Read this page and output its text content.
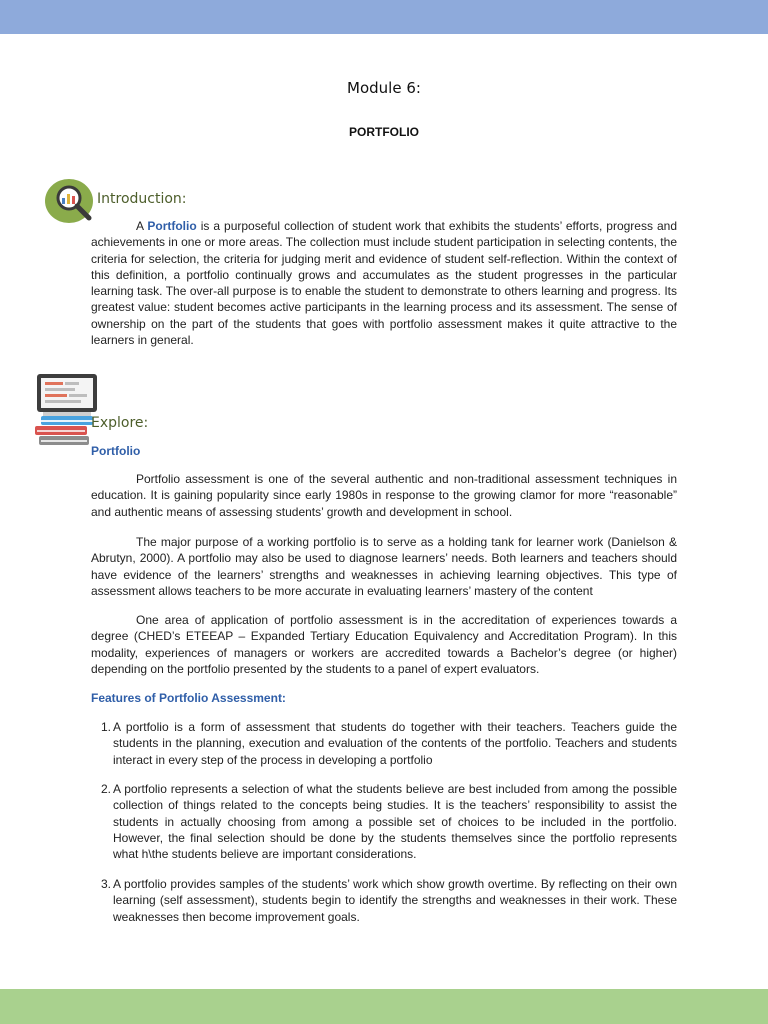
Module 6:
PORTFOLIO
Introduction:

A Portfolio is a purposeful collection of student work that exhibits the students’ efforts, progress and achievements in one or more areas. The collection must include student participation in selecting contents, the criteria for selection, the criteria for judging merit and evidence of student self-reflection. Within the context of this definition, a portfolio continually grows and accumulates as the student progresses in the particular learning task. The over-all purpose is to enable the student to demonstrate to others learning and progress. Its greatest value: student becomes active participants in the learning process and its assessment. The sense of ownership on the part of the students that goes with portfolio assessment makes it quite attractive to the learners in general.

Explore:
Portfolio

Portfolio assessment is one of the several authentic and non-traditional assessment techniques in education. It is gaining popularity since early 1980s in response to the growing clamor for more “reasonable” and authentic means of assessing students’ growth and development in school.

The major purpose of a working portfolio is to serve as a holding tank for learner work (Danielson & Abrutyn, 2000). A portfolio may also be used to diagnose learners’ needs. Both learners and teachers should have evidence of the learners’ strengths and weaknesses in achieving learning objectives. This type of assessment allows teachers to be more accurate in evaluating learners’ mastery of the content

One area of application of portfolio assessment is in the accreditation of experiences towards a degree (CHED’s ETEEAP – Expanded Tertiary Education Equivalency and Accreditation Program). In this modality, experiences of managers or workers are accredited towards a Bachelor’s degree (or higher) depending on the portfolio presented by the students to a panel of expert evaluators.

Features of Portfolio Assessment:
1. A portfolio is a form of assessment that students do together with their teachers. Teachers guide the students in the planning, execution and evaluation of the contents of the portfolio. Teachers and students interact in every step of the process in developing a portfolio
2. A portfolio represents a selection of what the students believe are best included from among the possible collection of things related to the concepts being studies. It is the teachers’ responsibility to assist the students in actually choosing from among a possible set of choices to be included in the portfolio. However, the final selection should be done by the students themselves since the portfolio represents what h\the students believe are important considerations.
3. A portfolio provides samples of the students’ work which show growth overtime. By reflecting on their own learning (self assessment), students begin to identify the strengths and weaknesses in their work. These weaknesses then become improvement goals.
